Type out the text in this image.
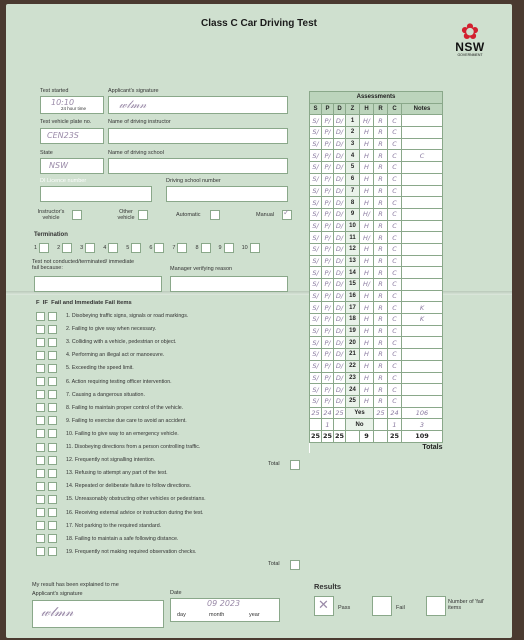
Class C Car Driving Test	✿
NSW
GOVERNMENT
Test started
10:10
24 hour time
Applicant's signature
𝓌𝓁𝓂𝓃
Test vehicle plate no.	Name of driving instructor
CEN23S
State	Name of driving school
NSW
DI Licence number	Driving school number
Instructor's vehicle
Other vehicle	Automatic	Manual ✓
Termination
1	2	3	4	5	6	7	8	9	10
Test not conducted/terminated/ immediate fail because:	Manager verifying reason
F IF Fail and Immediate Fail items
1. Disobeying traffic signs, signals or road markings.
2. Failing to give way when necessary.
3. Colliding with a vehicle, pedestrian or object.
4. Performing an illegal act or manoeuvre.
5. Exceeding the speed limit.
6. Action requiring testing officer intervention.
7. Causing a dangerous situation.
8. Failing to maintain proper control of the vehicle.
9. Failing to exercise due care to avoid an accident.
10. Failing to give way to an emergency vehicle.
11. Disobeying directions from a person controlling traffic.
12. Frequently not signalling intention.
13. Refusing to attempt any part of the test.
14. Repeated or deliberate failure to follow directions.
15. Unreasonably obstructing other vehicles or pedestrians.
16. Receiving external advice or instruction during the test.
17. Not parking to the required standard.
18. Failing to maintain a safe following distance.
19. Frequently not making required observation checks.
Total
Total
Assessments							
S	P	D	Z	H	R	C	Notes
S/	P/	D/	1	H/	R	C	
S/	P/	D/	2	H	R	C	
S/	P/	D/	3	H	R	C	
S/	P/	D/	4	H	R	C	C
S/	P/	D/	5	H	R	C	
S/	P/	D/	6	H	R	C	
S/	P/	D/	7	H	R	C	
S/	P/	D/	8	H	R	C	
S/	P/	D/	9	H/	R	C	
S/	P/	D/	10	H	R	C	
S/	P/	D/	11	H/	R	C	
S/	P/	D/	12	H	R	C	
S/	P/	D/	13	H	R	C	
S/	P/	D/	14	H	R	C	
S/	P/	D/	15	H/	R	C	
S/	P/	D/	16	H	R	C	
S/	P/	D/	17	H	R	C	K
S/	P/	D/	18	H	R	C	K
S/	P/	D/	19	H	R	C	
S/	P/	D/	20	H	R	C	
S/	P/	D/	21	H	R	C	
S/	P/	D/	22	H	R	C	
S/	P/	D/	23	H	R	C	
S/	P/	D/	24	H	R	C	
S/	P/	D/	25	H	R	C	
25	24	25	Yes		25	24	106
	1		No			1	3
25	25	25		9		25	109
Totals							
My result has been explained to me
Applicant's signature
𝓌𝓁𝓂𝓃
Date
09 2023
day	month	year
Results
✕ Pass	Fail
Number of 'fail' items
